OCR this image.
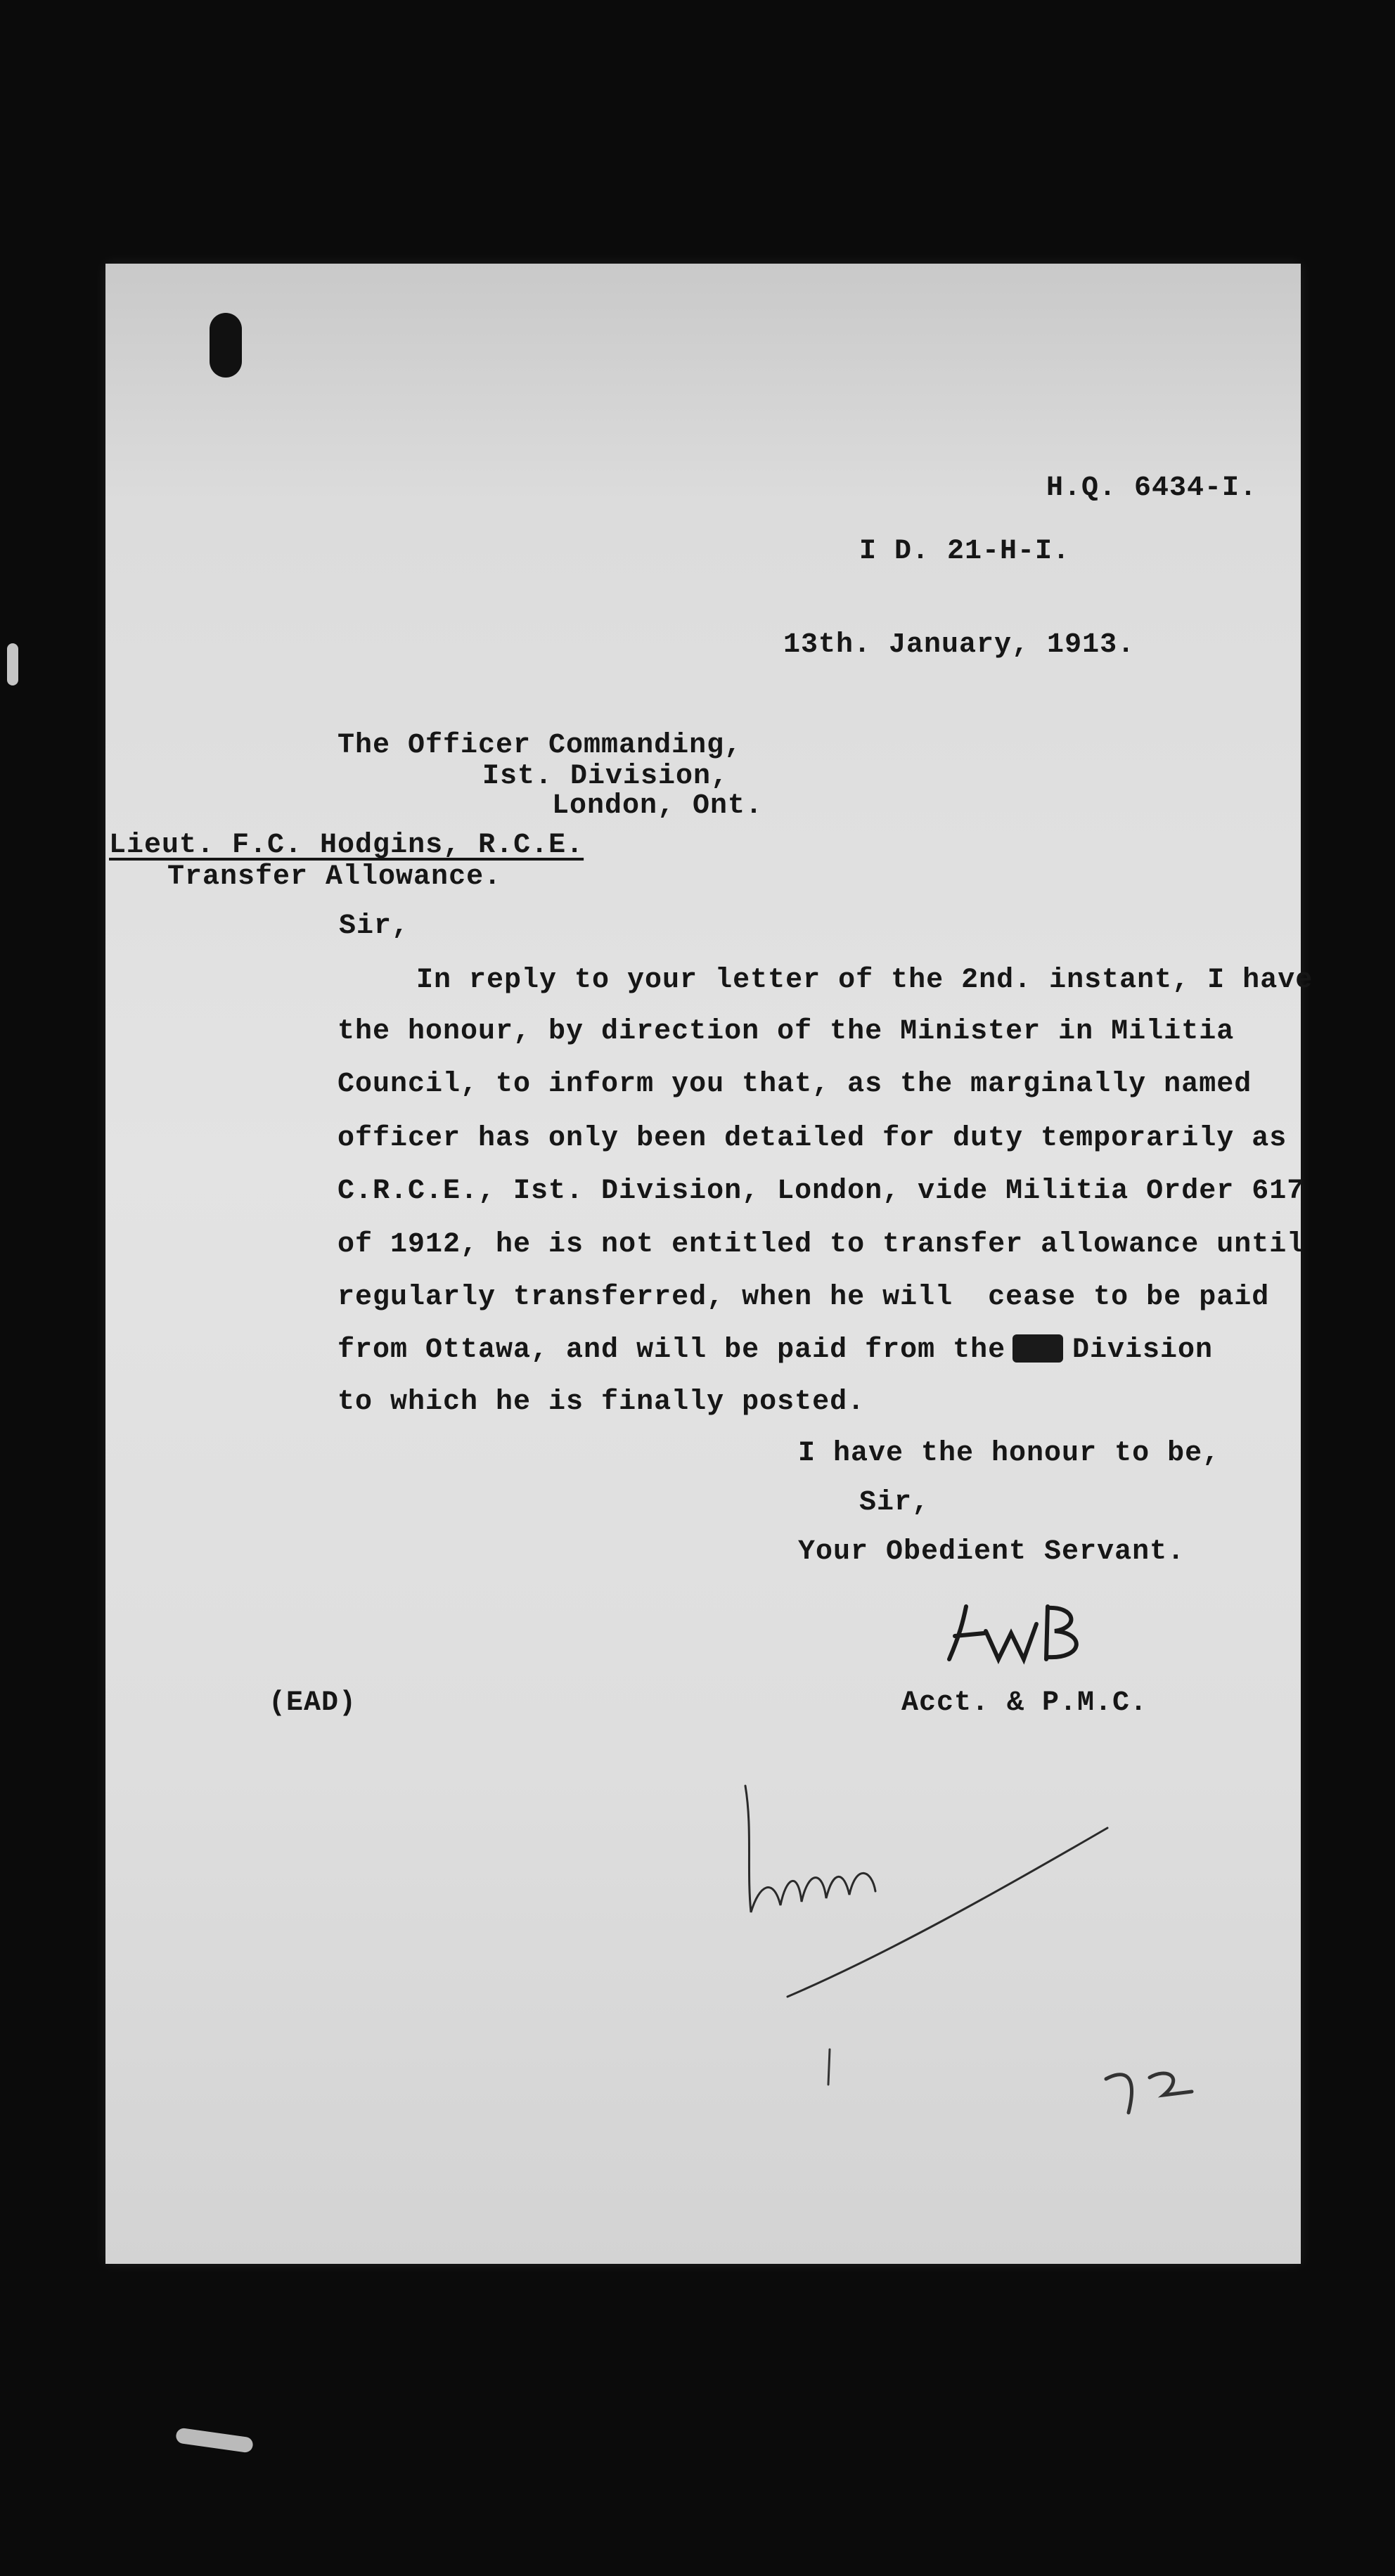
H.Q. 6434-I.
I D. 21-H-I.
13th. January, 1913.
The Officer Commanding,
Ist. Division,
London, Ont.
Lieut. F.C. Hodgins, R.C.E.
Transfer Allowance.
Sir,
In reply to your letter of the 2nd. instant, I have
the honour, by direction of the Minister in Militia
Council, to inform you that, as the marginally named
officer has only been detailed for duty temporarily as
C.R.C.E., Ist. Division, London, vide Militia Order 617
of 1912, he is not entitled to transfer allowance until
regularly transferred, when he will  cease to be paid
from Ottawa, and will be paid from the Division
to which he is finally posted.
I have the honour to be,
Sir,
Your Obedient Servant.
(EAD)	Acct. & P.M.C.
